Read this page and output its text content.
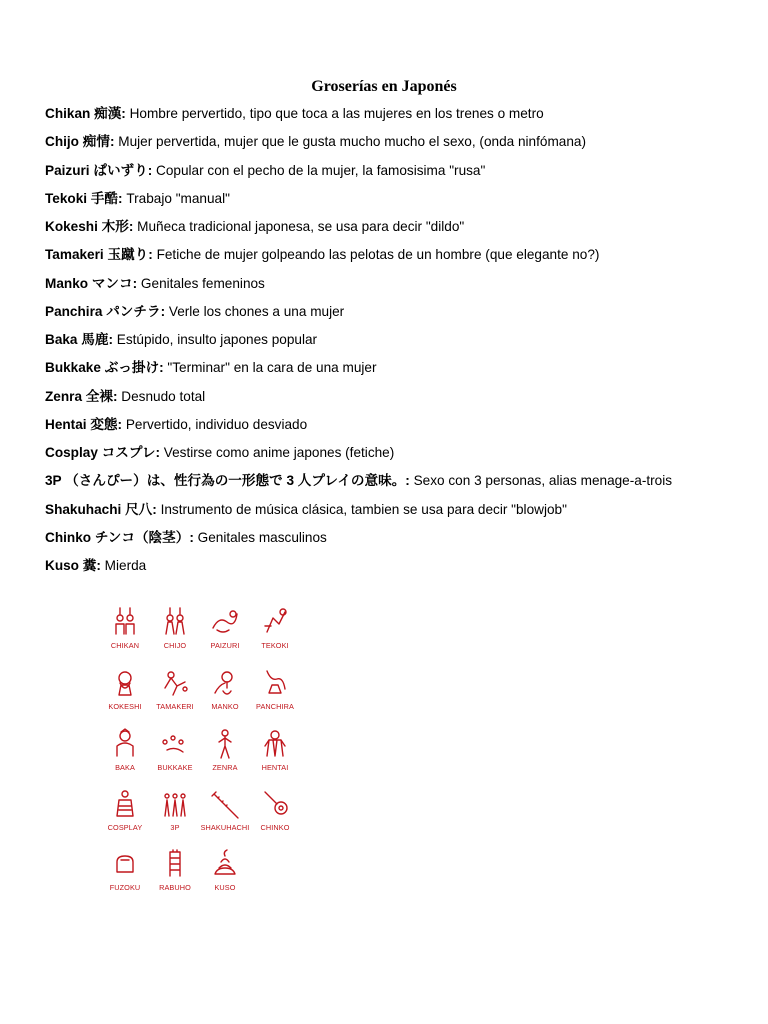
Groserías en Japonés
Chikan 痴漢: Hombre pervertido, tipo que toca a las mujeres en los trenes o metro
Chijo 痴情: Mujer pervertida, mujer que le gusta mucho mucho el sexo, (onda ninfómana)
Paizuri ぱいずり: Copular con el pecho de la mujer, la famosisima "rusa"
Tekoki 手酷: Trabajo "manual"
Kokeshi 木形: Muñeca tradicional japonesa, se usa para decir "dildo"
Tamakeri 玉蹴り: Fetiche de mujer golpeando las pelotas de un hombre (que elegante no?)
Manko マンコ: Genitales femeninos
Panchira パンチラ: Verle los chones a una mujer
Baka 馬鹿: Estúpido, insulto japones popular
Bukkake ぶっ掛け: "Terminar" en la cara de una mujer
Zenra 全裸: Desnudo total
Hentai 変態: Pervertido, individuo desviado
Cosplay コスプレ: Vestirse como anime japones (fetiche)
3P （さんぴー）は、性行為の一形態で 3 人プレイの意味。: Sexo con 3 personas, alias menage-a-trois
Shakuhachi 尺八: Instrumento de música clásica, tambien se usa para decir "blowjob"
Chinko チンコ（陰茎）: Genitales masculinos
Kuso 糞: Mierda
CHIKAN	CHIJO	PAIZURI	TEKOKI
KOKESHI	TAMAKERI	MANKO	PANCHIRA
BAKA	BUKKAKE	ZENRA	HENTAI
COSPLAY	3P	SHAKUHACHI	CHINKO
FUZOKU	RABUHO	KUSO
